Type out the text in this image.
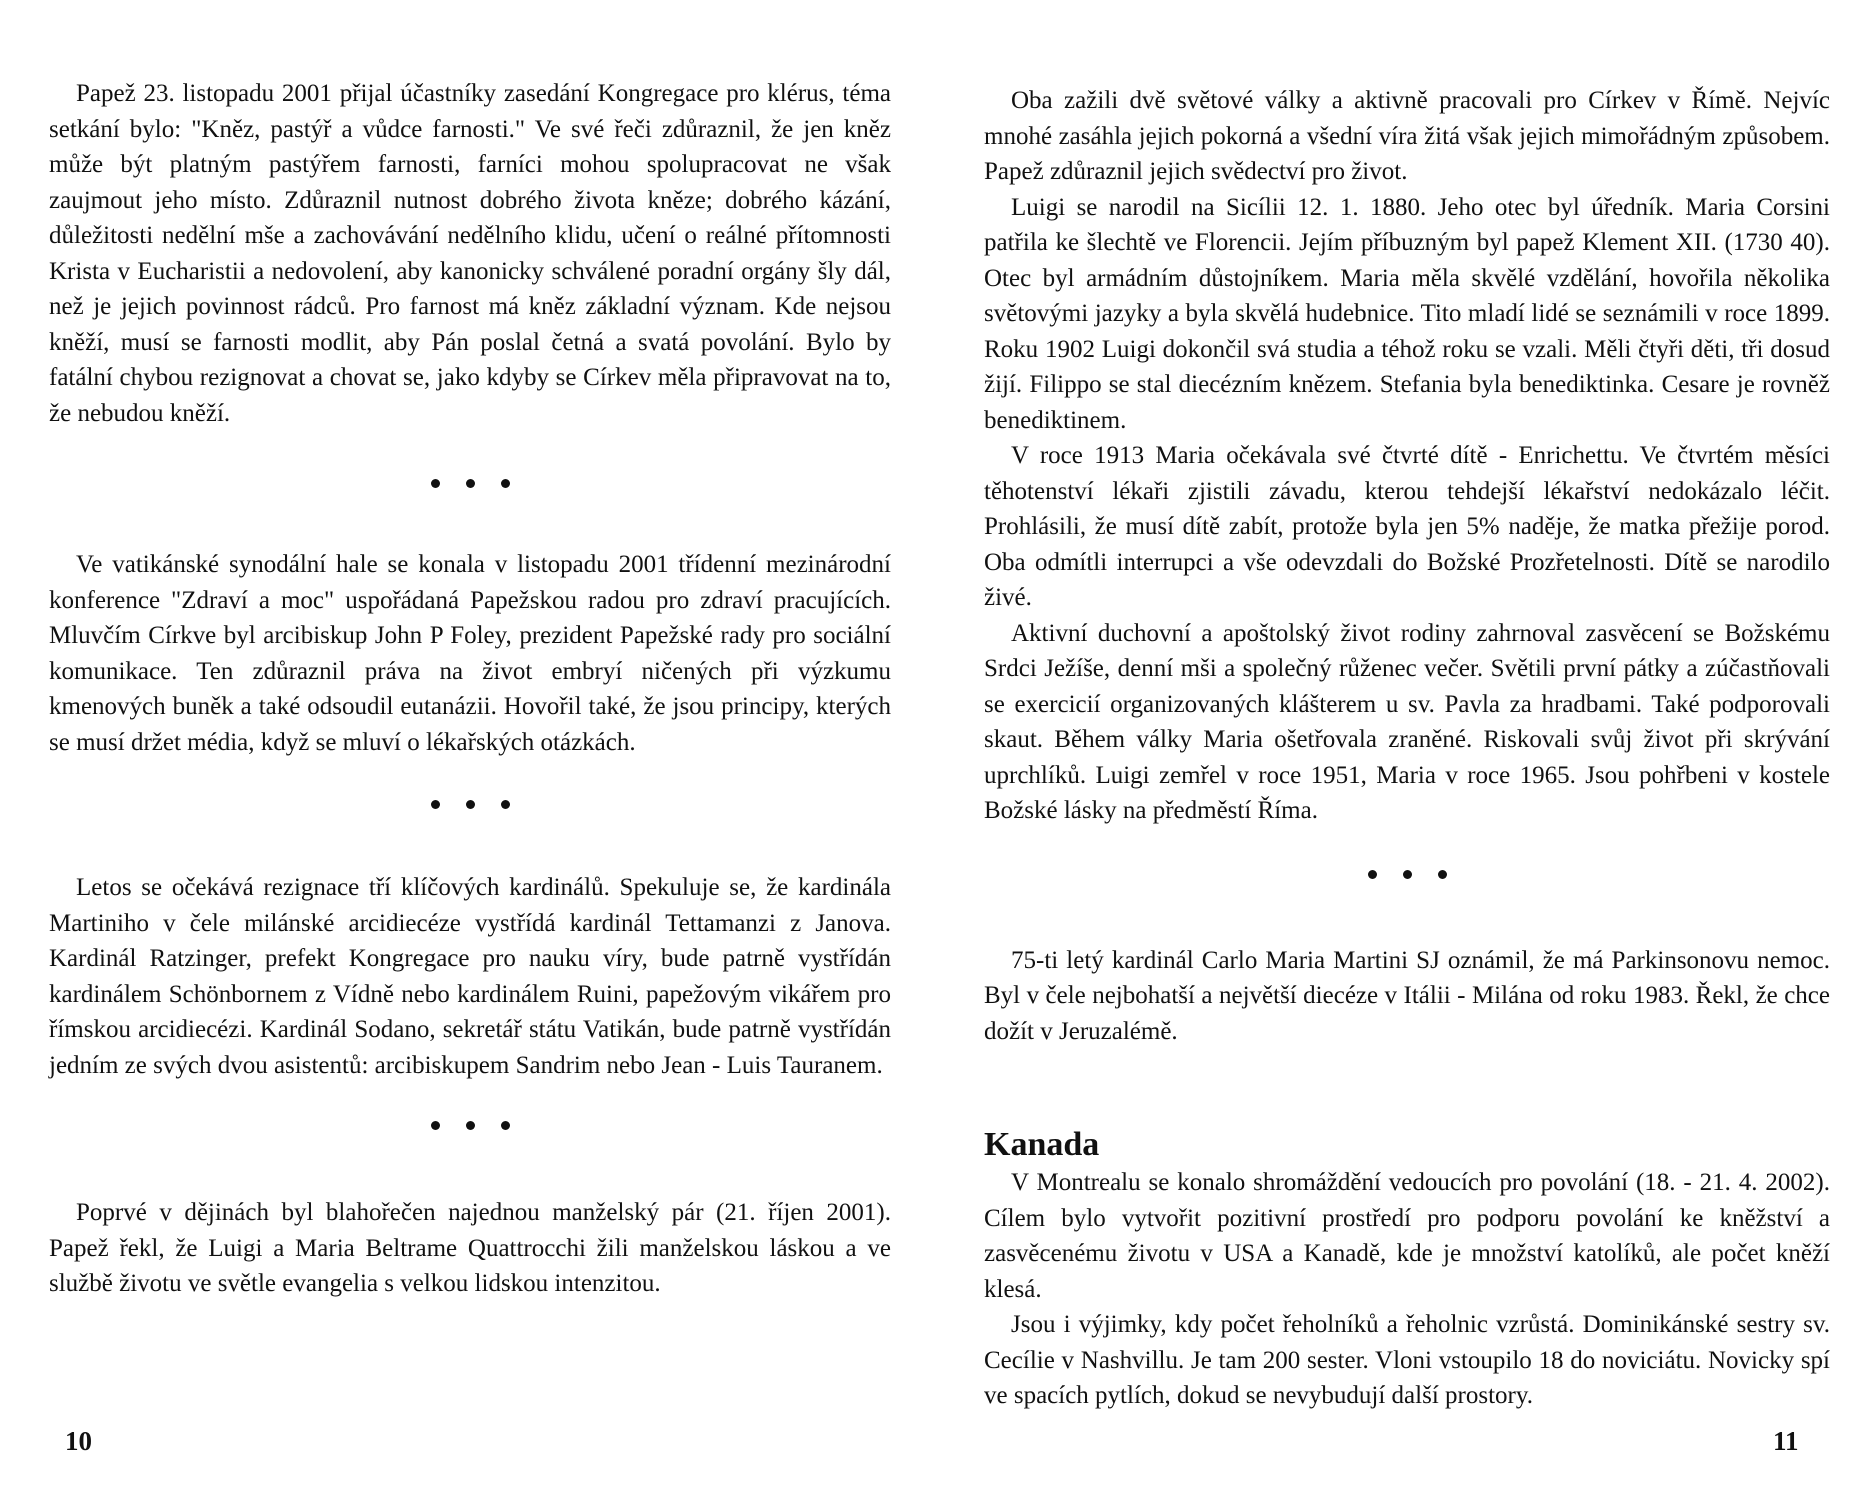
Papež 23. listopadu 2001 přijal účastníky zasedání Kongregace pro klérus, téma setkání bylo: "Kněz, pastýř a vůdce farnosti." Ve své řeči zdůraznil, že jen kněz může být platným pastýřem farnosti, farníci mohou spolupracovat ne však zaujmout jeho místo. Zdůraznil nutnost dobrého života kněze; dobrého kázání, důležitosti nedělní mše a zachovávání nedělního klidu, učení o reálné přítomnosti Krista v Eucharistii a nedovolení, aby kanonicky schválené poradní orgány šly dál, než je jejich povinnost rádců. Pro farnost má kněz základní význam. Kde nejsou kněží, musí se farnosti modlit, aby Pán poslal četná a svatá povolání. Bylo by fatální chybou rezignovat a chovat se, jako kdyby se Církev měla připravovat na to, že nebudou kněží.

Ve vatikánské synodální hale se konala v listopadu 2001 třídenní mezinárodní konference "Zdraví a moc" uspořádaná Papežskou radou pro zdraví pracujících. Mluvčím Církve byl arcibiskup John P Foley, prezident Papežské rady pro sociální komunikace. Ten zdůraznil práva na život embryí ničených při výzkumu kmenových buněk a také odsoudil eutanázii. Hovořil také, že jsou principy, kterých se musí držet média, když se mluví o lékařských otázkách.

Letos se očekává rezignace tří klíčových kardinálů. Spekuluje se, že kardinála Martiniho v čele milánské arcidiecéze vystřídá kardinál Tettamanzi z Janova. Kardinál Ratzinger, prefekt Kongregace pro nauku víry, bude patrně vystřídán kardinálem Schönbornem z Vídně nebo kardinálem Ruini, papežovým vikářem pro římskou arcidiecézi. Kardinál Sodano, sekretář státu Vatikán, bude patrně vystřídán jedním ze svých dvou asistentů: arcibiskupem Sandrim nebo Jean - Luis Tauranem.

Poprvé v dějinách byl blahořečen najednou manželský pár (21. říjen 2001). Papež řekl, že Luigi a Maria Beltrame Quattrocchi žili manželskou láskou a ve službě životu ve světle evangelia s velkou lidskou intenzitou.

10

Oba zažili dvě světové války a aktivně pracovali pro Církev v Římě. Nejvíc mnohé zasáhla jejich pokorná a všední víra žitá však jejich mimořádným způsobem. Papež zdůraznil jejich svědectví pro život.

Luigi se narodil na Sicílii 12. 1. 1880. Jeho otec byl úředník. Maria Corsini patřila ke šlechtě ve Florencii. Jejím příbuzným byl papež Klement XII. (1730 40). Otec byl armádním důstojníkem. Maria měla skvělé vzdělání, hovořila několika světovými jazyky a byla skvělá hudebnice. Tito mladí lidé se seznámili v roce 1899. Roku 1902 Luigi dokončil svá studia a téhož roku se vzali. Měli čtyři děti, tři dosud žijí. Filippo se stal diecézním knězem. Stefania byla benediktinka. Cesare je rovněž benediktinem.

V roce 1913 Maria očekávala své čtvrté dítě - Enrichettu. Ve čtvrtém měsíci těhotenství lékaři zjistili závadu, kterou tehdejší lékařství nedokázalo léčit. Prohlásili, že musí dítě zabít, protože byla jen 5% naděje, že matka přežije porod. Oba odmítli interrupci a vše odevzdali do Božské Prozřetelnosti. Dítě se narodilo živé.

Aktivní duchovní a apoštolský život rodiny zahrnoval zasvěcení se Božskému Srdci Ježíše, denní mši a společný růženec večer. Světili první pátky a zúčastňovali se exercicií organizovaných klášterem u sv. Pavla za hradbami. Také podporovali skaut. Během války Maria ošetřovala zraněné. Riskovali svůj život při skrývání uprchlíků. Luigi zemřel v roce 1951, Maria v roce 1965. Jsou pohřbeni v kostele Božské lásky na předměstí Říma.

75-ti letý kardinál Carlo Maria Martini SJ oznámil, že má Parkinsonovu nemoc. Byl v čele nejbohatší a největší diecéze v Itálii - Milána od roku 1983. Řekl, že chce dožít v Jeruzalémě.

Kanada

V Montrealu se konalo shromáždění vedoucích pro povolání (18. - 21. 4. 2002). Cílem bylo vytvořit pozitivní prostředí pro podporu povolání ke kněžství a zasvěcenému životu v USA a Kanadě, kde je množství katolíků, ale počet kněží klesá.

Jsou i výjimky, kdy počet řeholníků a řeholnic vzrůstá. Dominikánské sestry sv. Cecílie v Nashvillu. Je tam 200 sester. Vloni vstoupilo 18 do noviciátu. Novicky spí ve spacích pytlích, dokud se nevybudují další prostory.

11
